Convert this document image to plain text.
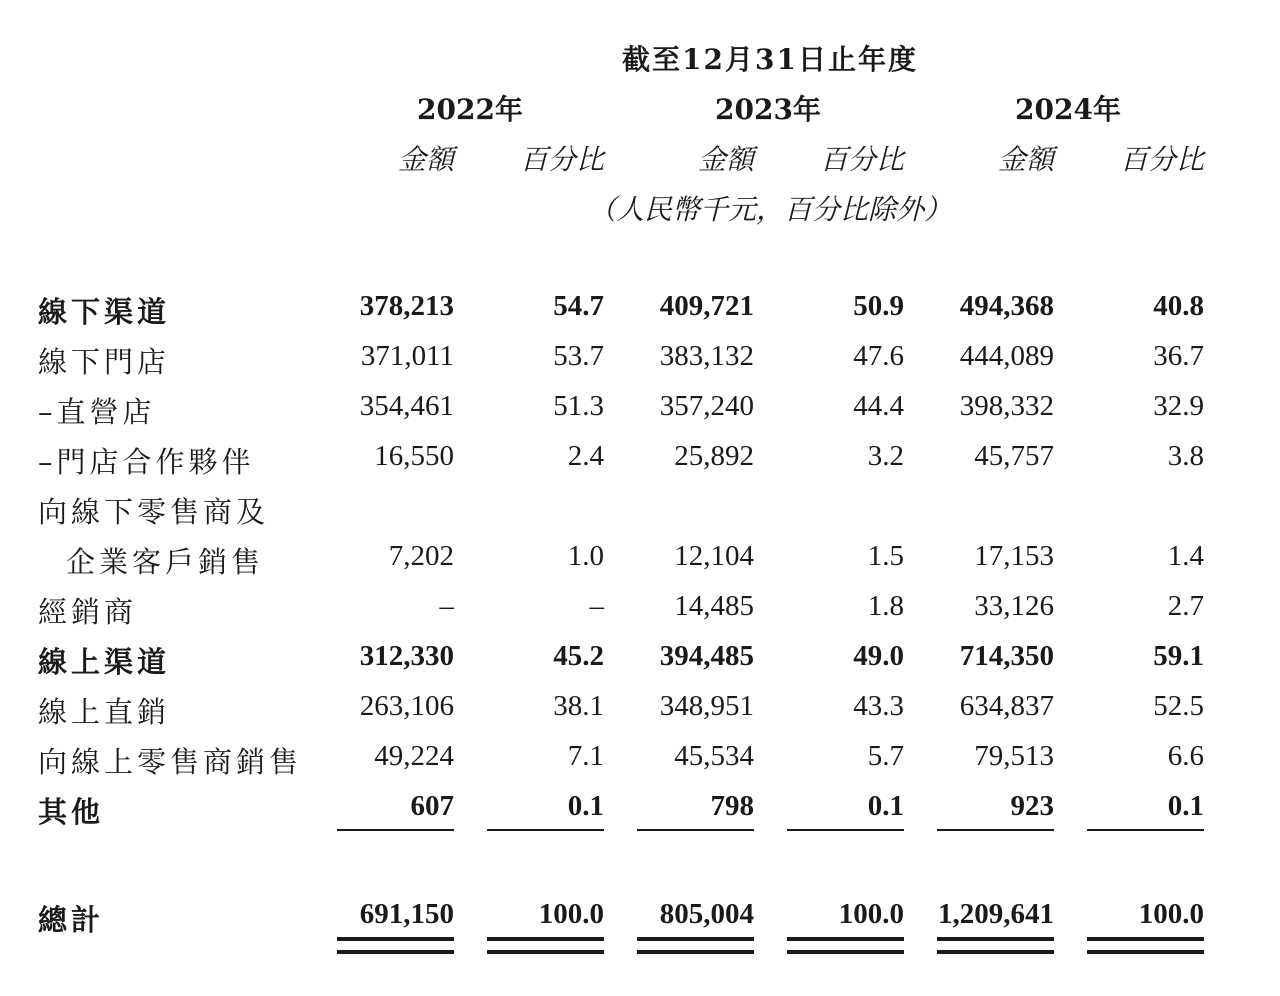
截至12月31日止年度
2022年	2023年	2024年
金額	百分比	金額	百分比	金額	百分比
（人民幣千元，百分比除外）
線下渠道	378,213	54.7	409,721	50.9	494,368	40.8
線下門店	371,011	53.7	383,132	47.6	444,089	36.7
–直營店	354,461	51.3	357,240	44.4	398,332	32.9
–門店合作夥伴	16,550	2.4	25,892	3.2	45,757	3.8
向線下零售商及
企業客戶銷售	7,202	1.0	12,104	1.5	17,153	1.4
經銷商	–	–	14,485	1.8	33,126	2.7
線上渠道	312,330	45.2	394,485	49.0	714,350	59.1
線上直銷	263,106	38.1	348,951	43.3	634,837	52.5
向線上零售商銷售	49,224	7.1	45,534	5.7	79,513	6.6
其他	607	0.1	798	0.1	923	0.1
總計	691,150	100.0	805,004	100.0	1,209,641	100.0
